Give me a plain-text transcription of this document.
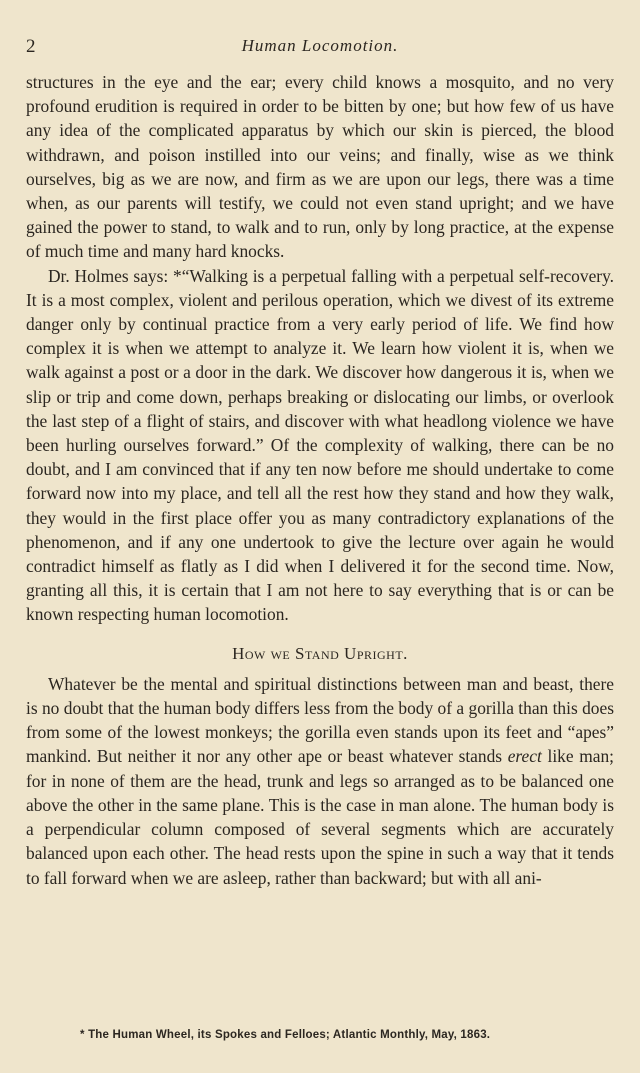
2	Human Locomotion.

structures in the eye and the ear; every child knows a mosquito, and no very profound erudition is required in order to be bitten by one; but how few of us have any idea of the complicated apparatus by which our skin is pierced, the blood withdrawn, and poison instilled into our veins; and finally, wise as we think ourselves, big as we are now, and firm as we are upon our legs, there was a time when, as our parents will testify, we could not even stand upright; and we have gained the power to stand, to walk and to run, only by long practice, at the expense of much time and many hard knocks.

Dr. Holmes says: *“Walking is a perpetual falling with a perpetual self-recovery. It is a most complex, violent and perilous operation, which we divest of its extreme danger only by continual practice from a very early period of life. We find how complex it is when we attempt to analyze it. We learn how violent it is, when we walk against a post or a door in the dark. We discover how dangerous it is, when we slip or trip and come down, perhaps breaking or dislocating our limbs, or overlook the last step of a flight of stairs, and discover with what headlong violence we have been hurling ourselves forward.” Of the complexity of walking, there can be no doubt, and I am convinced that if any ten now before me should undertake to come forward now into my place, and tell all the rest how they stand and how they walk, they would in the first place offer you as many contradictory explanations of the phenomenon, and if any one undertook to give the lecture over again he would contradict himself as flatly as I did when I delivered it for the second time. Now, granting all this, it is certain that I am not here to say everything that is or can be known respecting human locomotion.

How we Stand Upright.

Whatever be the mental and spiritual distinctions between man and beast, there is no doubt that the human body differs less from the body of a gorilla than this does from some of the lowest monkeys; the gorilla even stands upon its feet and “apes” mankind. But neither it nor any other ape or beast whatever stands erect like man; for in none of them are the head, trunk and legs so arranged as to be balanced one above the other in the same plane. This is the case in man alone. The human body is a perpendicular column composed of several segments which are accurately balanced upon each other. The head rests upon the spine in such a way that it tends to fall forward when we are asleep, rather than backward; but with all ani-

* The Human Wheel, its Spokes and Felloes; Atlantic Monthly, May, 1863.
